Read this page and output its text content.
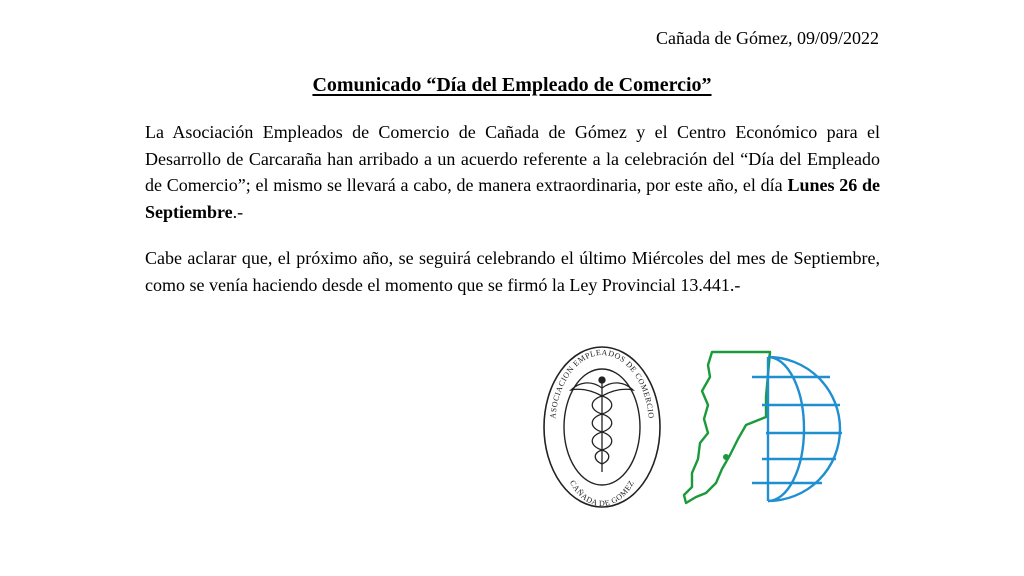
Cañada de Gómez, 09/09/2022
Comunicado “Día del Empleado de Comercio”

La Asociación Empleados de Comercio de Cañada de Gómez y el Centro Económico para el Desarrollo de Carcaraña han arribado a un acuerdo referente a la celebración del “Día del Empleado de Comercio”; el mismo se llevará a cabo, de manera extraordinaria, por este año, el día Lunes 26 de Septiembre.-

Cabe aclarar que, el próximo año, se seguirá celebrando el último Miércoles del mes de Septiembre, como se venía haciendo desde el momento que se firmó la Ley Provincial 13.441.-

ASOCIACION EMPLEADOS DE COMERCIO
CAÑADA DE GOMEZ
